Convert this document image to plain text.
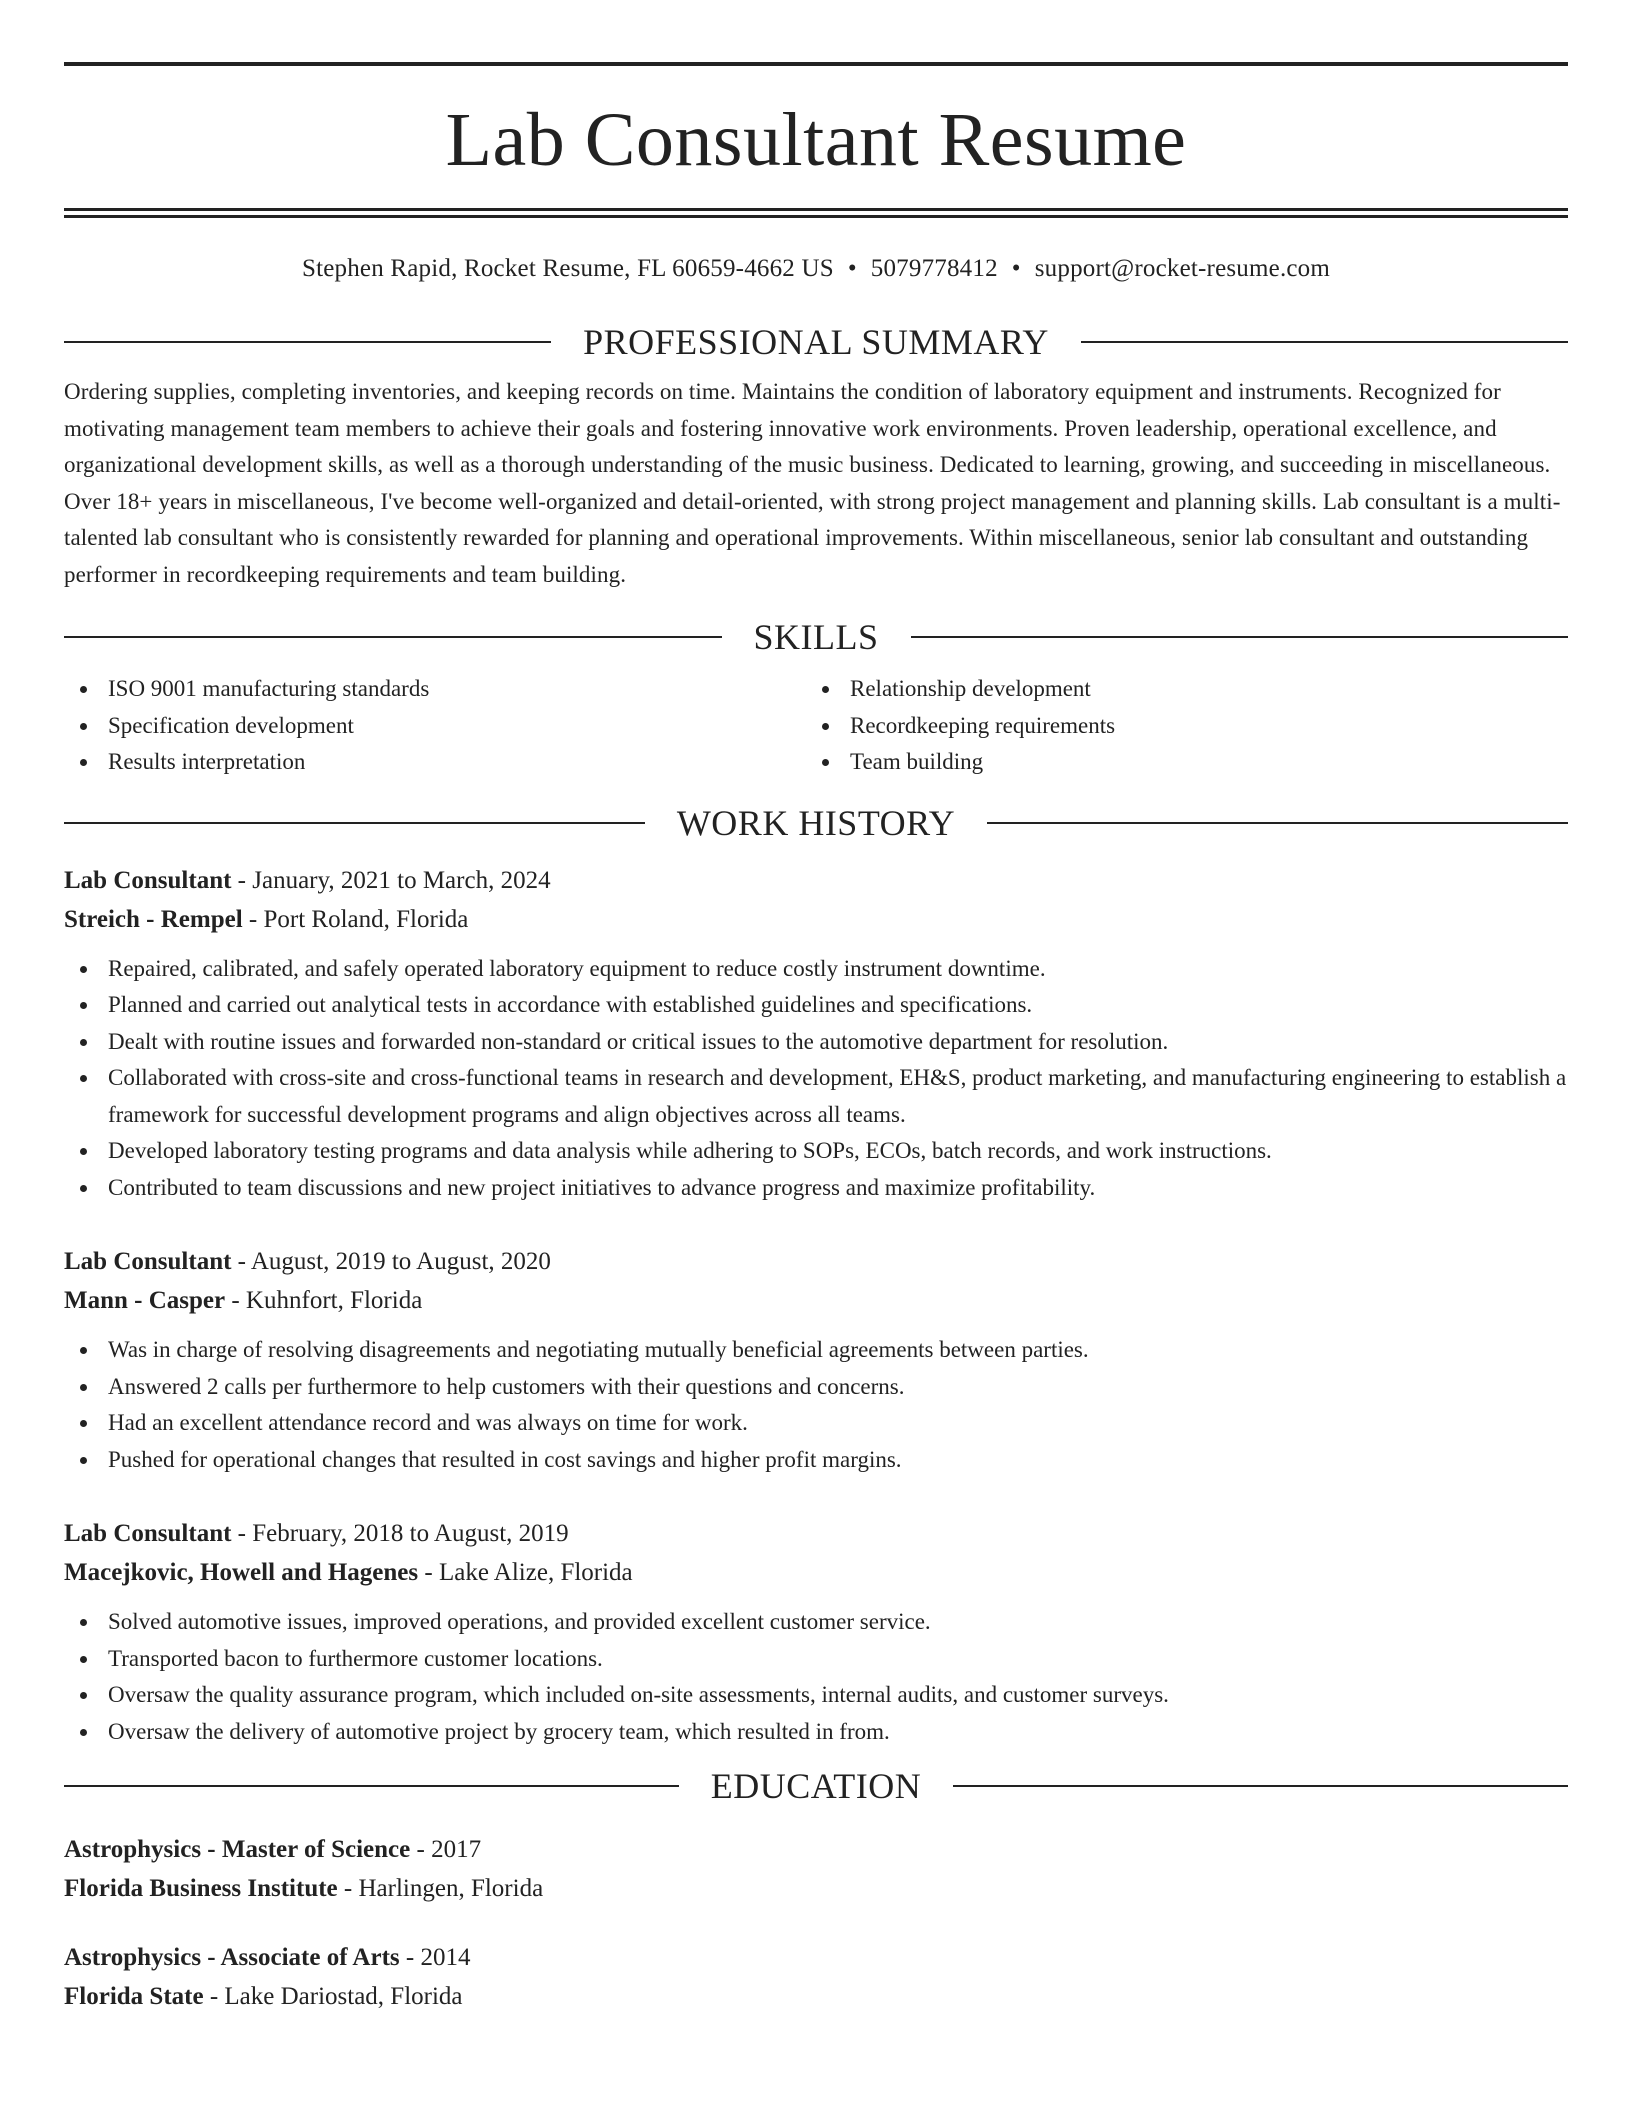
Lab Consultant Resume
Stephen Rapid, Rocket Resume, FL 60659-4662 US • 5079778412 • support@rocket-resume.com
PROFESSIONAL SUMMARY
Ordering supplies, completing inventories, and keeping records on time. Maintains the condition of laboratory equipment and instruments. Recognized for motivating management team members to achieve their goals and fostering innovative work environments. Proven leadership, operational excellence, and organizational development skills, as well as a thorough understanding of the music business. Dedicated to learning, growing, and succeeding in miscellaneous. Over 18+ years in miscellaneous, I've become well-organized and detail-oriented, with strong project management and planning skills. Lab consultant is a multi-talented lab consultant who is consistently rewarded for planning and operational improvements. Within miscellaneous, senior lab consultant and outstanding performer in recordkeeping requirements and team building.
SKILLS
ISO 9001 manufacturing standards
Specification development
Results interpretation
Relationship development
Recordkeeping requirements
Team building
WORK HISTORY
Lab Consultant - January, 2021 to March, 2024
Streich - Rempel - Port Roland, Florida
Repaired, calibrated, and safely operated laboratory equipment to reduce costly instrument downtime.
Planned and carried out analytical tests in accordance with established guidelines and specifications.
Dealt with routine issues and forwarded non-standard or critical issues to the automotive department for resolution.
Collaborated with cross-site and cross-functional teams in research and development, EH&S, product marketing, and manufacturing engineering to establish a framework for successful development programs and align objectives across all teams.
Developed laboratory testing programs and data analysis while adhering to SOPs, ECOs, batch records, and work instructions.
Contributed to team discussions and new project initiatives to advance progress and maximize profitability.
Lab Consultant - August, 2019 to August, 2020
Mann - Casper - Kuhnfort, Florida
Was in charge of resolving disagreements and negotiating mutually beneficial agreements between parties.
Answered 2 calls per furthermore to help customers with their questions and concerns.
Had an excellent attendance record and was always on time for work.
Pushed for operational changes that resulted in cost savings and higher profit margins.
Lab Consultant - February, 2018 to August, 2019
Macejkovic, Howell and Hagenes - Lake Alize, Florida
Solved automotive issues, improved operations, and provided excellent customer service.
Transported bacon to furthermore customer locations.
Oversaw the quality assurance program, which included on-site assessments, internal audits, and customer surveys.
Oversaw the delivery of automotive project by grocery team, which resulted in from.
EDUCATION
Astrophysics - Master of Science - 2017
Florida Business Institute - Harlingen, Florida
Astrophysics - Associate of Arts - 2014
Florida State - Lake Dariostad, Florida
